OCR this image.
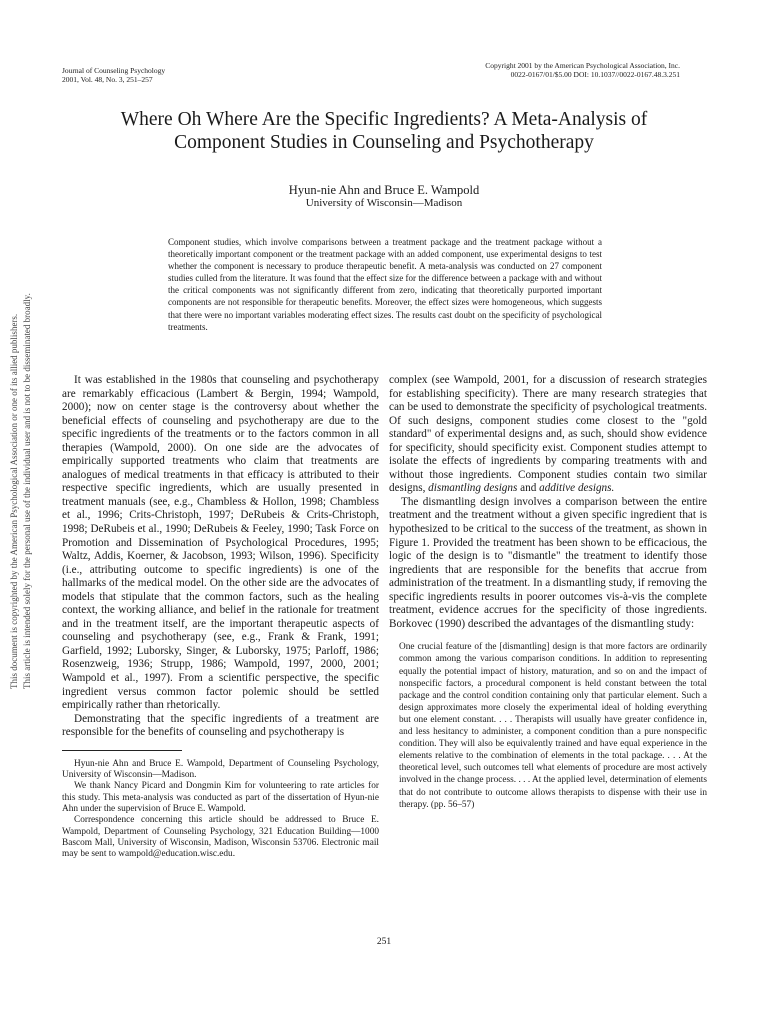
Journal of Counseling Psychology
2001, Vol. 48, No. 3, 251–257
Copyright 2001 by the American Psychological Association, Inc.
0022-0167/01/$5.00 DOI: 10.1037//0022-0167.48.3.251
Where Oh Where Are the Specific Ingredients? A Meta-Analysis of
Component Studies in Counseling and Psychotherapy
Hyun-nie Ahn and Bruce E. Wampold
University of Wisconsin—Madison
Component studies, which involve comparisons between a treatment package and the treatment package without a theoretically important component or the treatment package with an added component, use experimental designs to test whether the component is necessary to produce therapeutic benefit. A meta-analysis was conducted on 27 component studies culled from the literature. It was found that the effect size for the difference between a package with and without the critical components was not significantly different from zero, indicating that theoretically purported important components are not responsible for therapeutic benefits. Moreover, the effect sizes were homogeneous, which suggests that there were no important variables moderating effect sizes. The results cast doubt on the specificity of psychological treatments.
This document is copyrighted by the American Psychological Association or one of its allied publishers. This article is intended solely for the personal use of the individual user and is not to be disseminated broadly.	It was established in the 1980s that counseling and psychotherapy are remarkably efficacious (Lambert & Bergin, 1994; Wampold, 2000); now on center stage is the controversy about whether the beneficial effects of counseling and psychotherapy are due to the specific ingredients of the treatments or to the factors common in all therapies (Wampold, 2000). On one side are the advocates of empirically supported treatments who claim that treatments are analogues of medical treatments in that efficacy is attributed to their respective specific ingredients, which are usually presented in treatment manuals (see, e.g., Chambless & Hollon, 1998; Chambless et al., 1996; Crits-Christoph, 1997; DeRubeis & Crits-Christoph, 1998; DeRubeis et al., 1990; DeRubeis & Feeley, 1990; Task Force on Promotion and Dissemination of Psychological Procedures, 1995; Waltz, Addis, Koerner, & Jacobson, 1993; Wilson, 1996). Specificity (i.e., attributing outcome to specific ingredients) is one of the hallmarks of the medical model. On the other side are the advocates of models that stipulate that the common factors, such as the healing context, the working alliance, and belief in the rationale for treatment and in the treatment itself, are the important therapeutic aspects of counseling and psychotherapy (see, e.g., Frank & Frank, 1991; Garfield, 1992; Luborsky, Singer, & Luborsky, 1975; Parloff, 1986; Rosenzweig, 1936; Strupp, 1986; Wampold, 1997, 2000, 2001; Wampold et al., 1997). From a scientific perspective, the specific ingredient versus common factor polemic should be settled empirically rather than rhetorically.

Demonstrating that the specific ingredients of a treatment are responsible for the benefits of counseling and psychotherapy is

Hyun-nie Ahn and Bruce E. Wampold, Department of Counseling Psychology, University of Wisconsin—Madison.

We thank Nancy Picard and Dongmin Kim for volunteering to rate articles for this study. This meta-analysis was conducted as part of the dissertation of Hyun-nie Ahn under the supervision of Bruce E. Wampold.

Correspondence concerning this article should be addressed to Bruce E. Wampold, Department of Counseling Psychology, 321 Education Building—1000 Bascom Mall, University of Wisconsin, Madison, Wisconsin 53706. Electronic mail may be sent to wampold@education.wisc.edu.

complex (see Wampold, 2001, for a discussion of research strategies for establishing specificity). There are many research strategies that can be used to demonstrate the specificity of psychological treatments. Of such designs, component studies come closest to the "gold standard" of experimental designs and, as such, should show evidence for specificity, should specificity exist. Component studies attempt to isolate the effects of ingredients by comparing treatments with and without those ingredients. Component studies contain two similar designs, dismantling designs and additive designs.

The dismantling design involves a comparison between the entire treatment and the treatment without a given specific ingredient that is hypothesized to be critical to the success of the treatment, as shown in Figure 1. Provided the treatment has been shown to be efficacious, the logic of the design is to "dismantle" the treatment to identify those ingredients that are responsible for the benefits that accrue from administration of the treatment. In a dismantling study, if removing the specific ingredients results in poorer outcomes vis-à-vis the complete treatment, evidence accrues for the specificity of those ingredients. Borkovec (1990) described the advantages of the dismantling study:

One crucial feature of the [dismantling] design is that more factors are ordinarily common among the various comparison conditions. In addition to representing equally the potential impact of history, maturation, and so on and the impact of nonspecific factors, a procedural component is held constant between the total package and the control condition containing only that particular element. Such a design approximates more closely the experimental ideal of holding everything but one element constant. . . . Therapists will usually have greater confidence in, and less hesitancy to administer, a component condition than a pure nonspecific condition. They will also be equivalently trained and have equal experience in the elements relative to the combination of elements in the total package. . . . At the theoretical level, such outcomes tell what elements of procedure are most actively involved in the change process. . . . At the applied level, determination of elements that do not contribute to outcome allows therapists to dispense with their use in therapy. (pp. 56–57)

251
